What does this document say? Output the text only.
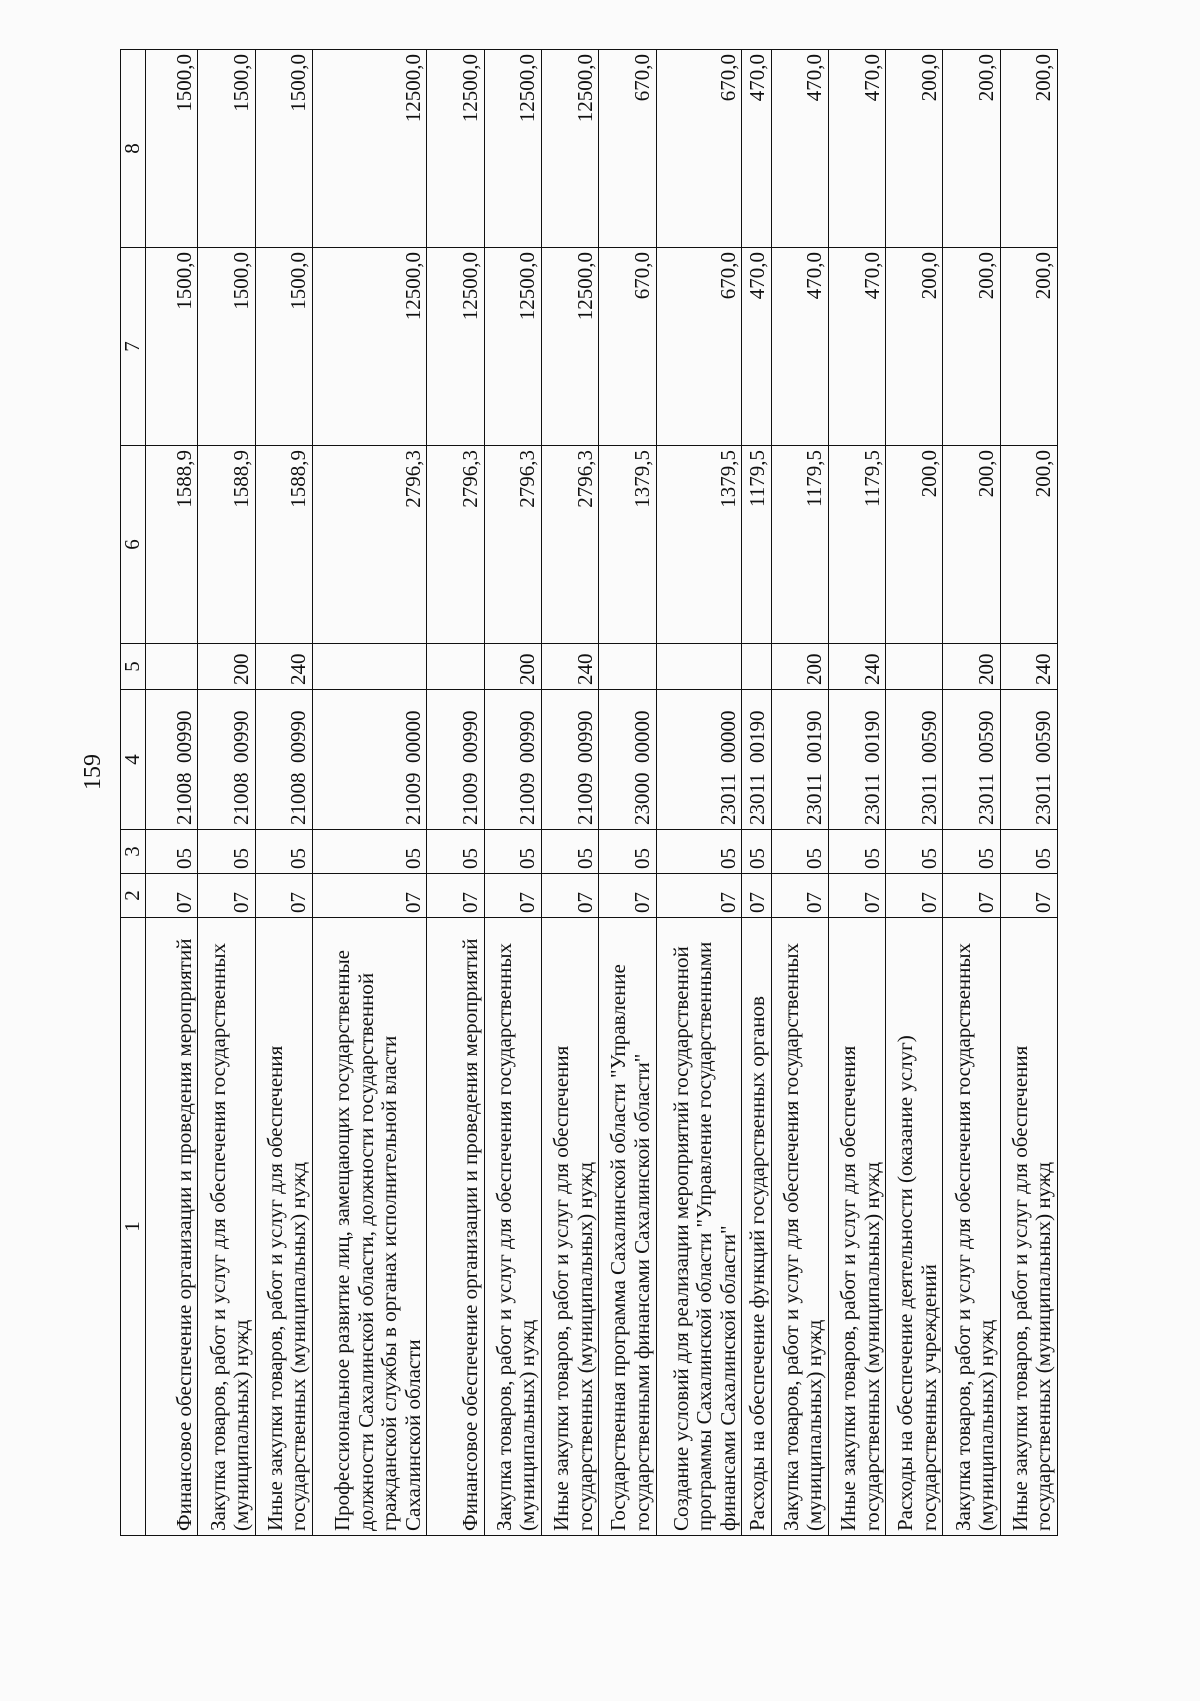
159
1	2	3	4	5	6	7	8
Финансовое обеспечение организации и проведения мероприятий	07	05	2100800990		1588,9	1500,0	1500,0
Закупка товаров, работ и услуг для обеспечения государственных (муниципальных) нужд	07	05	2100800990	200	1588,9	1500,0	1500,0
Иные закупки товаров, работ и услуг для обеспечения государственных (муниципальных) нужд	07	05	2100800990	240	1588,9	1500,0	1500,0
Профессиональное развитие лиц, замещающих государственные должности Сахалинской области, должности государственной гражданской службы в органах исполнительной власти Сахалинской области	07	05	2100900000		2796,3	12500,0	12500,0
Финансовое обеспечение организации и проведения мероприятий	07	05	2100900990		2796,3	12500,0	12500,0
Закупка товаров, работ и услуг для обеспечения государственных (муниципальных) нужд	07	05	2100900990	200	2796,3	12500,0	12500,0
Иные закупки товаров, работ и услуг для обеспечения государственных (муниципальных) нужд	07	05	2100900990	240	2796,3	12500,0	12500,0
Государственная программа Сахалинской области "Управление государственными финансами Сахалинской области"	07	05	2300000000		1379,5	670,0	670,0
Создание условий для реализации мероприятий государственной программы Сахалинской области "Управление государственными финансами Сахалинской области"	07	05	2301100000		1379,5	670,0	670,0
Расходы на обеспечение функций государственных органов	07	05	2301100190		1179,5	470,0	470,0
Закупка товаров, работ и услуг для обеспечения государственных (муниципальных) нужд	07	05	2301100190	200	1179,5	470,0	470,0
Иные закупки товаров, работ и услуг для обеспечения государственных (муниципальных) нужд	07	05	2301100190	240	1179,5	470,0	470,0
Расходы на обеспечение деятельности (оказание услуг) государственных учреждений	07	05	2301100590		200,0	200,0	200,0
Закупка товаров, работ и услуг для обеспечения государственных (муниципальных) нужд	07	05	2301100590	200	200,0	200,0	200,0
Иные закупки товаров, работ и услуг для обеспечения государственных (муниципальных) нужд	07	05	2301100590	240	200,0	200,0	200,0
